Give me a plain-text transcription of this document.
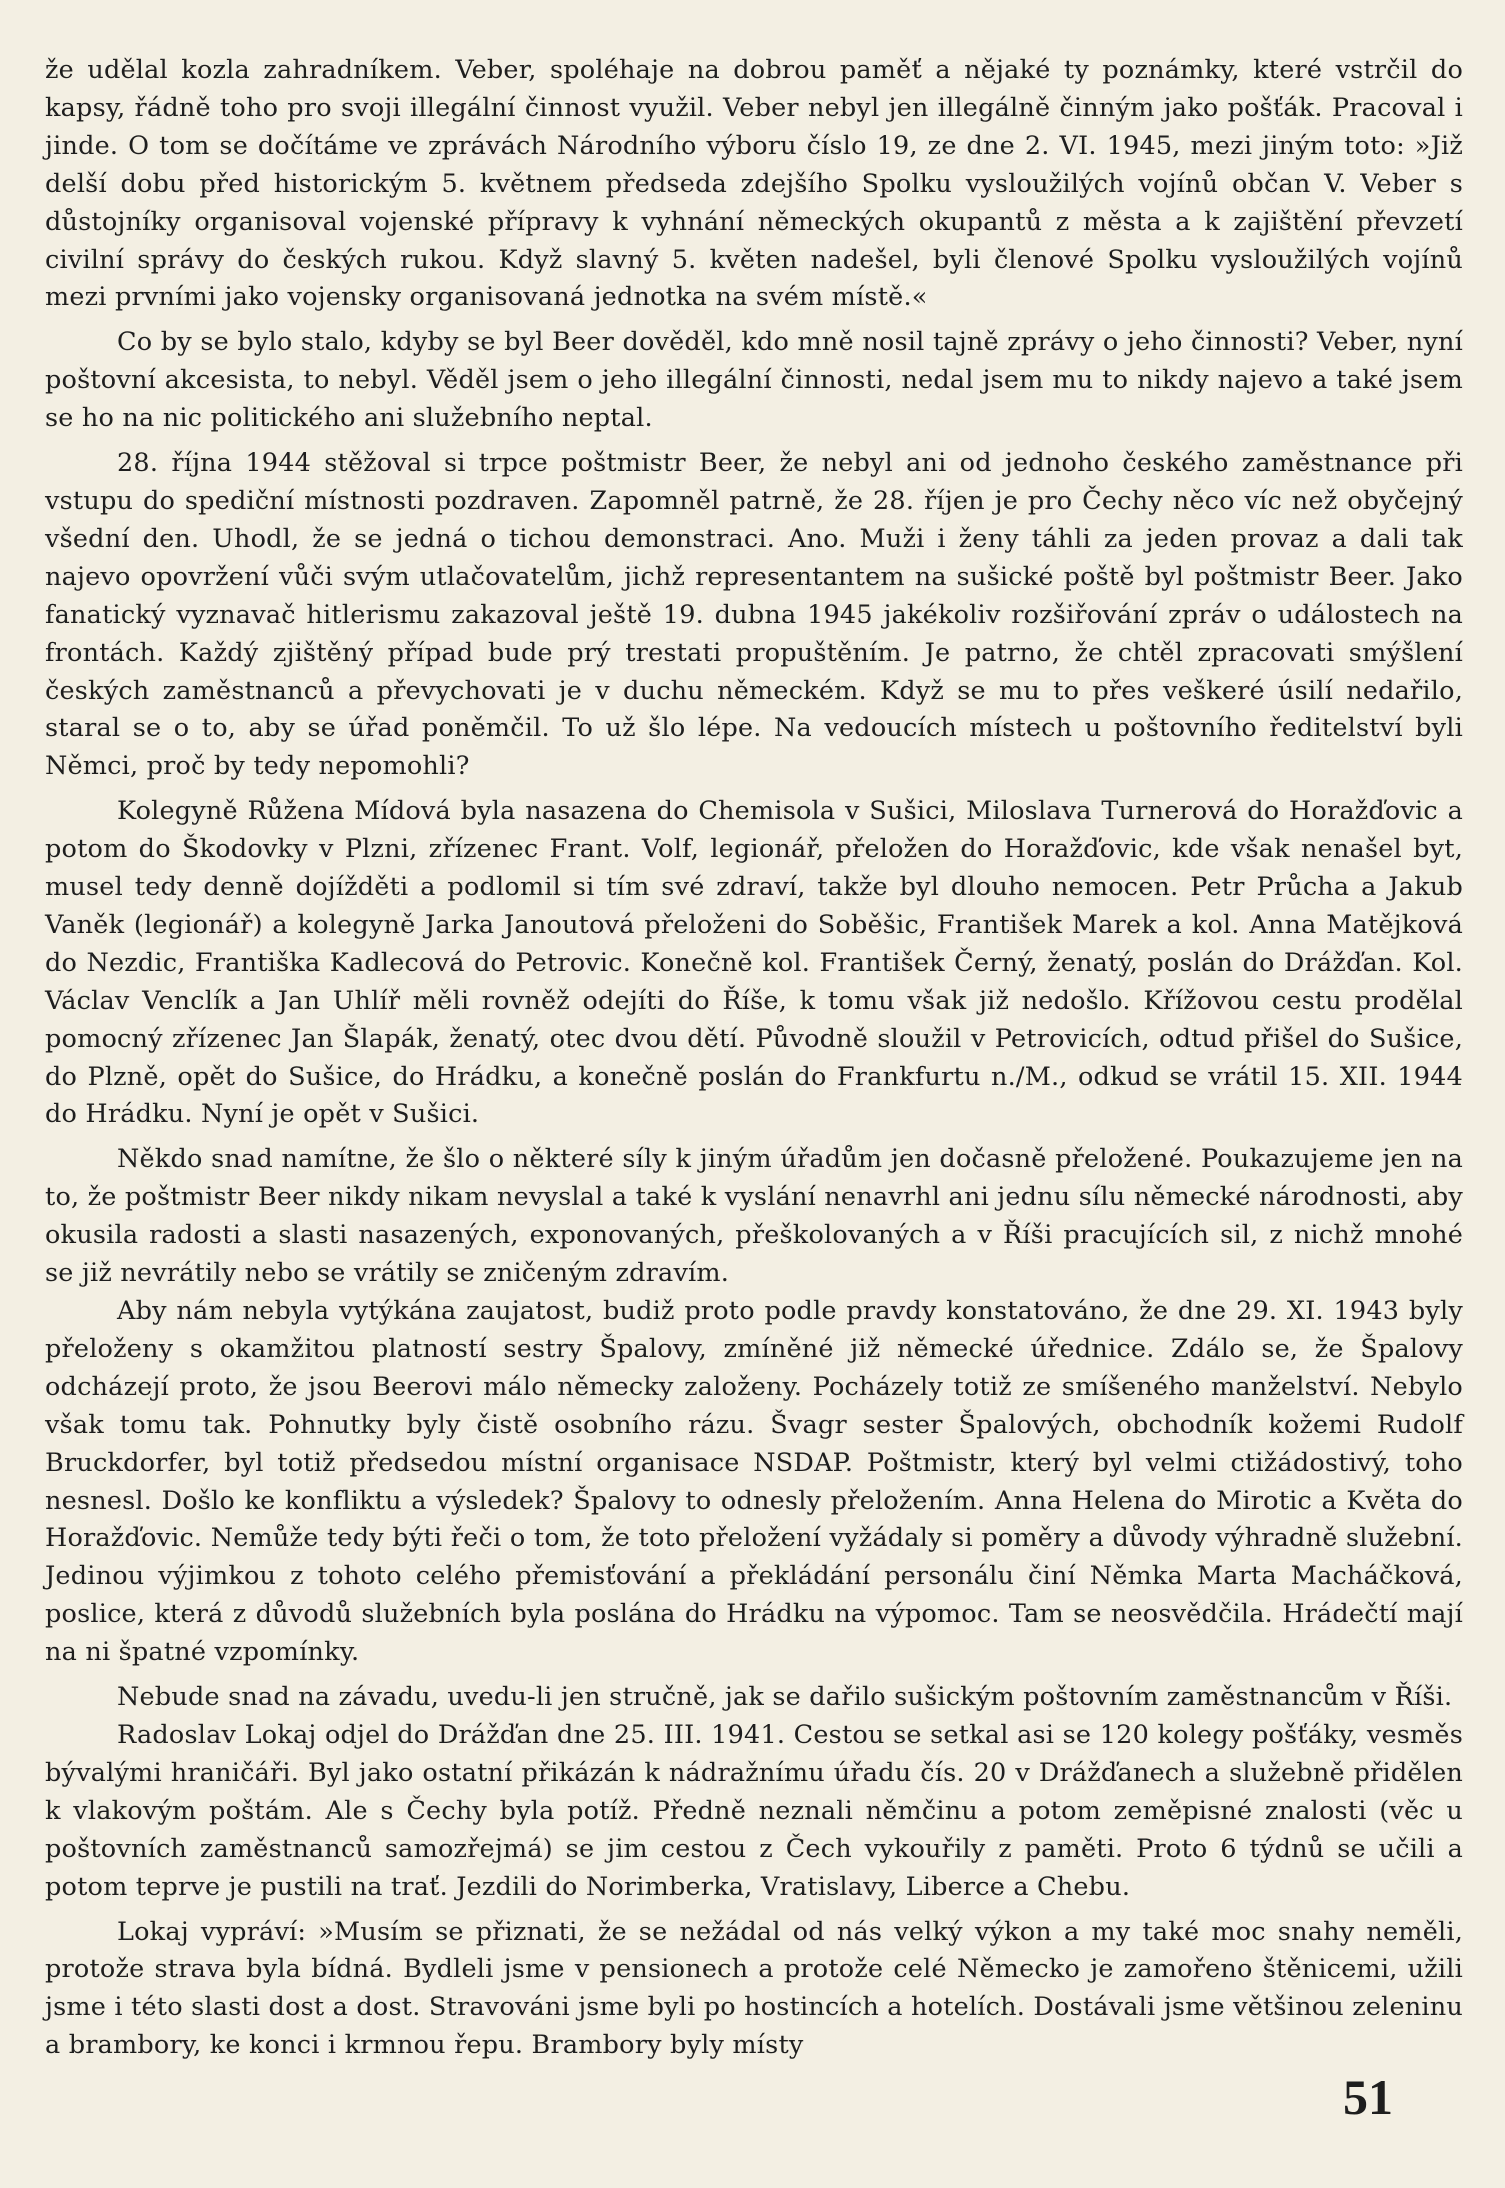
že udělal kozla zahradníkem. Veber, spoléhaje na dobrou paměť a nějaké ty poznámky, které vstrčil do kapsy, řádně toho pro svoji illegální činnost využil. Veber nebyl jen illegálně činným jako pošťák. Pracoval i jinde. O tom se dočítáme ve zprávách Národního výboru číslo 19, ze dne 2. VI. 1945, mezi jiným toto: »Již delší dobu před historickým 5. květnem předseda zdejšího Spolku vysloužilých vojínů občan V. Veber s důstojníky organisoval vojenské přípravy k vyhnání německých okupantů z města a k zajištění převzetí civilní správy do českých rukou. Když slavný 5. květen nadešel, byli členové Spolku vysloužilých vojínů mezi prvními jako vojensky organisovaná jednotka na svém místě.«

Co by se bylo stalo, kdyby se byl Beer dověděl, kdo mně nosil tajně zprávy o jeho činnosti? Veber, nyní poštovní akcesista, to nebyl. Věděl jsem o jeho illegální činnosti, nedal jsem mu to nikdy najevo a také jsem se ho na nic politického ani služebního neptal.

28. října 1944 stěžoval si trpce poštmistr Beer, že nebyl ani od jednoho českého zaměstnance při vstupu do spediční místnosti pozdraven. Zapomněl patrně, že 28. říjen je pro Čechy něco víc než obyčejný všední den. Uhodl, že se jedná o tichou demonstraci. Ano. Muži i ženy táhli za jeden provaz a dali tak najevo opovržení vůči svým utlačovatelům, jichž representantem na sušické poště byl poštmistr Beer. Jako fanatický vyznavač hitlerismu zakazoval ještě 19. dubna 1945 jakékoliv rozšiřování zpráv o událostech na frontách. Každý zjištěný případ bude prý trestati propuštěním. Je patrno, že chtěl zpracovati smýšlení českých zaměstnanců a převychovati je v duchu německém. Když se mu to přes veškeré úsilí nedařilo, staral se o to, aby se úřad poněmčil. To už šlo lépe. Na vedoucích místech u poštovního ředitelství byli Němci, proč by tedy nepomohli?

Kolegyně Růžena Mídová byla nasazena do Chemisola v Sušici, Miloslava Turnerová do Horažďovic a potom do Škodovky v Plzni, zřízenec Frant. Volf, legionář, přeložen do Horažďovic, kde však nenašel byt, musel tedy denně dojížděti a podlomil si tím své zdraví, takže byl dlouho nemocen. Petr Průcha a Jakub Vaněk (legionář) a kolegyně Jarka Janoutová přeloženi do Soběšic, František Marek a kol. Anna Matějková do Nezdic, Františka Kadlecová do Petrovic. Konečně kol. František Černý, ženatý, poslán do Drážďan. Kol. Václav Venclík a Jan Uhlíř měli rovněž odejíti do Říše, k tomu však již nedošlo. Křížovou cestu prodělal pomocný zřízenec Jan Šlapák, ženatý, otec dvou dětí. Původně sloužil v Petrovicích, odtud přišel do Sušice, do Plzně, opět do Sušice, do Hrádku, a konečně poslán do Frankfurtu n./M., odkud se vrátil 15. XII. 1944 do Hrádku. Nyní je opět v Sušici.

Někdo snad namítne, že šlo o některé síly k jiným úřadům jen dočasně přeložené. Poukazujeme jen na to, že poštmistr Beer nikdy nikam nevyslal a také k vyslání nenavrhl ani jednu sílu německé národnosti, aby okusila radosti a slasti nasazených, exponovaných, přeškolovaných a v Říši pracujících sil, z nichž mnohé se již nevrátily nebo se vrátily se zničeným zdravím.

Aby nám nebyla vytýkána zaujatost, budiž proto podle pravdy konstatováno, že dne 29. XI. 1943 byly přeloženy s okamžitou platností sestry Špalovy, zmíněné již německé úřednice. Zdálo se, že Špalovy odcházejí proto, že jsou Beerovi málo německy založeny. Pocházely totiž ze smíšeného manželství. Nebylo však tomu tak. Pohnutky byly čistě osobního rázu. Švagr sester Špalových, obchodník kožemi Rudolf Bruckdorfer, byl totiž předsedou místní organisace NSDAP. Poštmistr, který byl velmi ctižádostivý, toho nesnesl. Došlo ke konfliktu a výsledek? Špalovy to odnesly přeložením. Anna Helena do Mirotic a Květa do Horažďovic. Nemůže tedy býti řeči o tom, že toto přeložení vyžádaly si poměry a důvody výhradně služební. Jedinou výjimkou z tohoto celého přemisťování a překládání personálu činí Němka Marta Macháčková, poslice, která z důvodů služebních byla poslána do Hrádku na výpomoc. Tam se neosvědčila. Hrádečtí mají na ni špatné vzpomínky.

Nebude snad na závadu, uvedu-li jen stručně, jak se dařilo sušickým poštovním zaměstnancům v Říši.

Radoslav Lokaj odjel do Drážďan dne 25. III. 1941. Cestou se setkal asi se 120 kolegy pošťáky, vesměs bývalými hraničáři. Byl jako ostatní přikázán k nádražnímu úřadu čís. 20 v Drážďanech a služebně přidělen k vlakovým poštám. Ale s Čechy byla potíž. Předně neznali němčinu a potom zeměpisné znalosti (věc u poštovních zaměstnanců samozřejmá) se jim cestou z Čech vykouřily z paměti. Proto 6 týdnů se učili a potom teprve je pustili na trať. Jezdili do Norimberka, Vratislavy, Liberce a Chebu.

Lokaj vypráví: »Musím se přiznati, že se nežádal od nás velký výkon a my také moc snahy neměli, protože strava byla bídná. Bydleli jsme v pensionech a protože celé Německo je zamořeno štěnicemi, užili jsme i této slasti dost a dost. Stravováni jsme byli po hostincích a hotelích. Dostávali jsme většinou zeleninu a brambory, ke konci i krmnou řepu. Brambory byly místy

51
